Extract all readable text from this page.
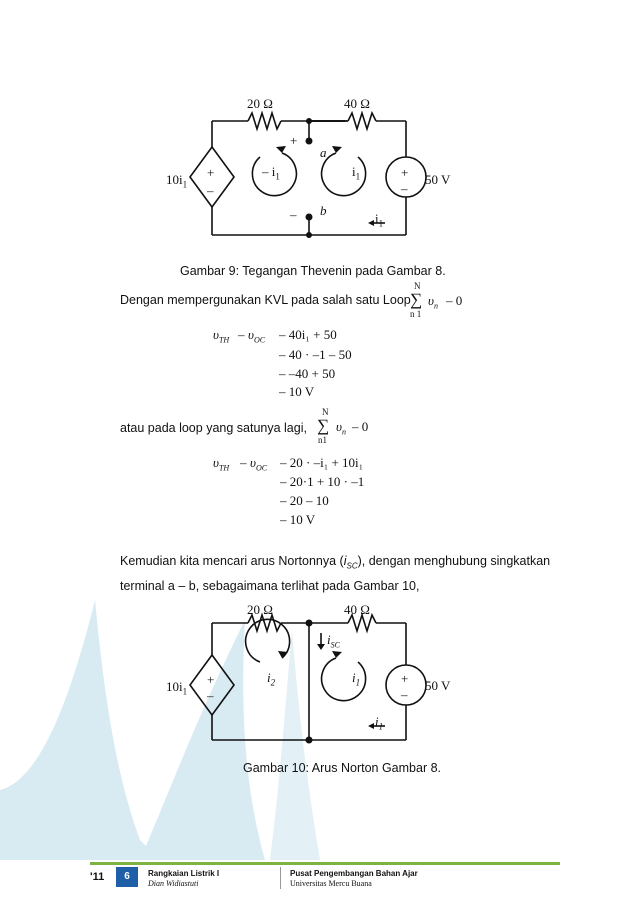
20 Ω	40 Ω
$10i_1$
+
–
+
–
50 V
+
–
a
b
– $i_1$	$i_1$
$i_1$
Gambar 9: Tegangan Thevenin pada Gambar 8.
Dengan mempergunakan KVL pada salah satu Loop
N
∑
n 1
$\upsilon_n - 0$
$\upsilon_{TH} - \upsilon_{OC} - 40i_1 + 50$
– 40 · –1 – 50
– –40 + 50
– 10 V
atau pada loop yang satunya lagi,
N
∑
n1
$\upsilon_n - 0$
$\upsilon_{TH} - \upsilon_{OC} - 20 \cdot -i_1 + 10i_1$
– 20·1 + 10 · –1
– 20 – 10
– 10 V
Kemudian kita mencari arus Nortonnya $(i_{SC})$, dengan menghubung singkatkan
terminal a – b, sebagaimana terlihat pada Gambar 10,
20 Ω	40 Ω
$10i_1$
+
–
+
–
50 V
$i_{SC}$
$i_2$	$i_1$
$i_1$
Gambar 10: Arus Norton Gambar 8.
'11	6	Rangkaian Listrik I
Dian Widiastuti
Pusat Pengembangan Bahan Ajar
Universitas Mercu Buana
